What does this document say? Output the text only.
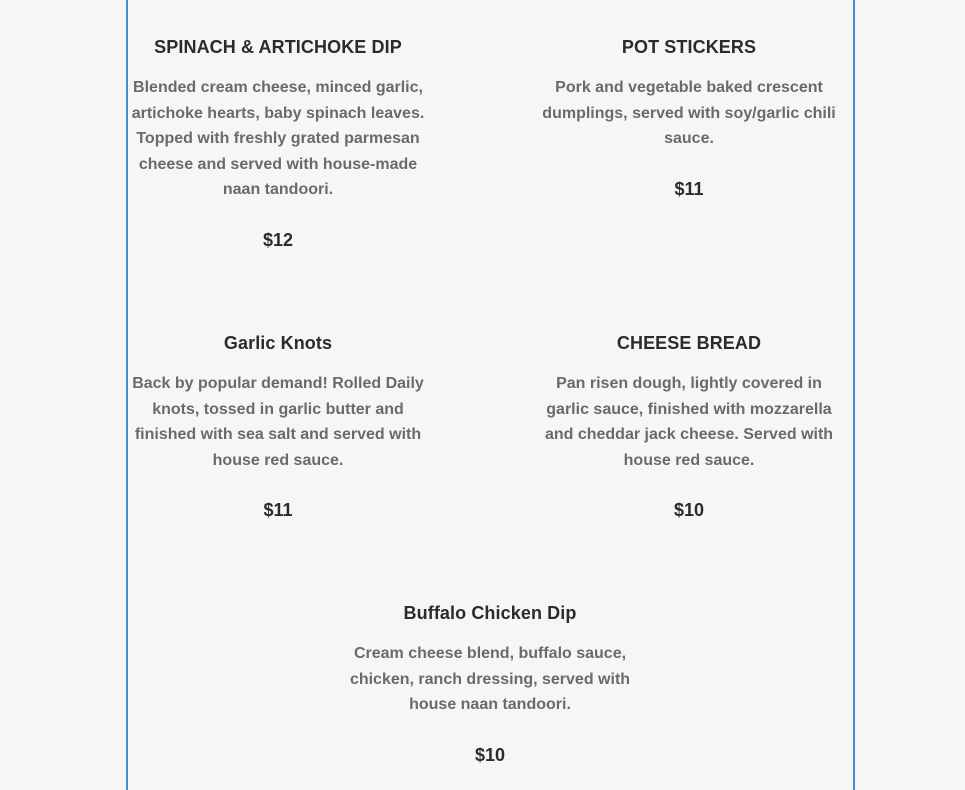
SPINACH & ARTICHOKE DIP

Blended cream cheese, minced garlic, artichoke hearts, baby spinach leaves. Topped with freshly grated parmesan cheese and served with house-made naan tandoori.

$12
POT STICKERS

Pork and vegetable baked crescent dumplings, served with soy/garlic chili sauce.

$11
Garlic Knots

Back by popular demand! Rolled Daily knots, tossed in garlic butter and finished with sea salt and served with house red sauce.

$11
CHEESE BREAD

Pan risen dough, lightly covered in garlic sauce, finished with mozzarella and cheddar jack cheese. Served with house red sauce.

$10
Buffalo Chicken Dip

Cream cheese blend, buffalo sauce, chicken, ranch dressing, served with house naan tandoori.

$10
